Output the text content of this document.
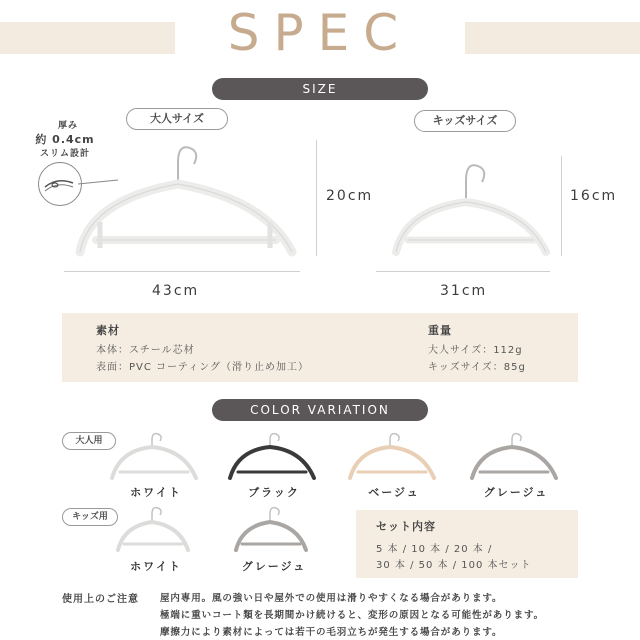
SPEC
SIZE
大人サイズ	キッズサイズ
厚み
約 0.4cm
スリム設計
20cm
43cm
16cm
31cm
素材
本体：スチール芯材
表面：PVC コーティング（滑り止め加工）
重量
大人サイズ：112g
キッズサイズ：85g
COLOR VARIATION
大人用
キッズ用
ホワイト	ブラック	ベージュ	グレージュ
ホワイト	グレージュ
セット内容
5 本 / 10 本 / 20 本 /
30 本 / 50 本 / 100 本セット
使用上のご注意 屋内専用。風の強い日や屋外での使用は滑りやすくなる場合があります。
極端に重いコート類を長期間かけ続けると、変形の原因となる可能性があります。
摩擦力により素材によっては若干の毛羽立ちが発生する場合があります。
